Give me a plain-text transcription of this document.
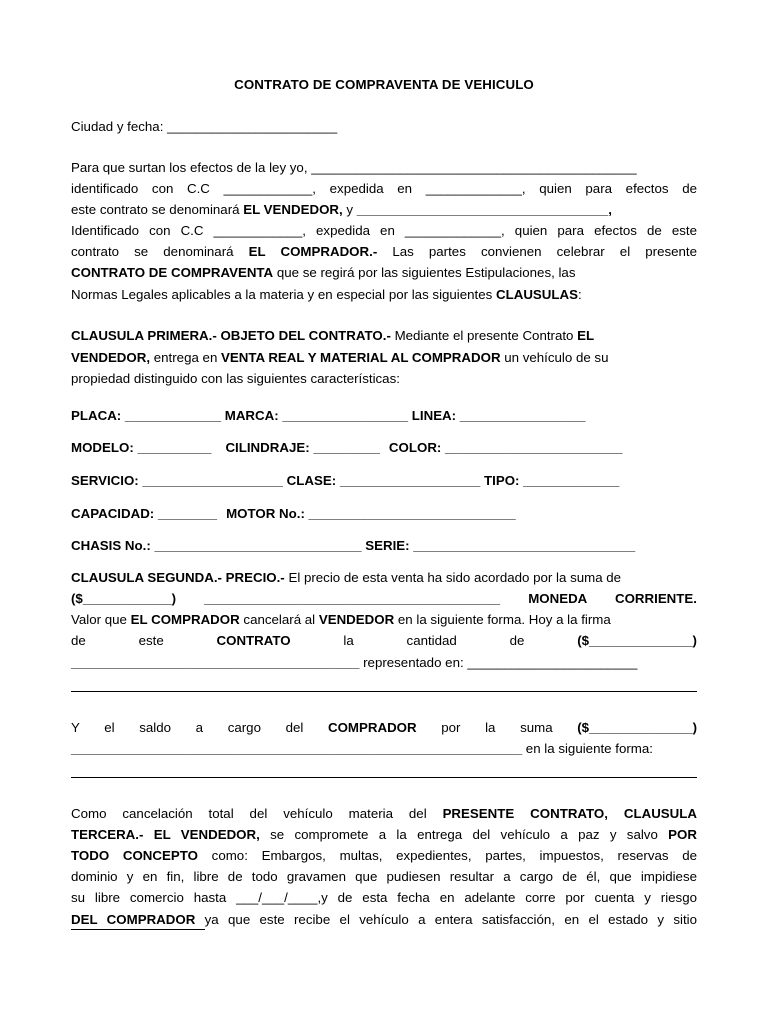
CONTRATO DE COMPRAVENTA DE VEHICULO
Ciudad y fecha: _______________________
Para que surtan los efectos de la ley yo, ____________________________________________
identificado con C.C ____________, expedida en _____________, quien para efectos de
este contrato se denominará EL VENDEDOR, y __________________________________,
Identificado con C.C ____________, expedida en _____________, quien para efectos de este
contrato se denominará EL COMPRADOR.- Las partes convienen celebrar el presente
CONTRATO DE COMPRAVENTA que se regirá por las siguientes Estipulaciones, las
Normas Legales aplicables a la materia y en especial por las siguientes CLAUSULAS:
CLAUSULA PRIMERA.- OBJETO DEL CONTRATO.- Mediante el presente Contrato EL
VENDEDOR, entrega en VENTA REAL Y MATERIAL AL COMPRADOR un vehículo de su
propiedad distinguido con las siguientes características:
PLACA: _____________ MARCA: _________________ LINEA: _________________
MODELO: __________ CILINDRAJE: _________ COLOR: ________________________
SERVICIO: ___________________ CLASE: ___________________ TIPO: _____________
CAPACIDAD: ________ MOTOR No.: ____________________________
CHASIS No.: ____________________________ SERIE: ______________________________
CLAUSULA SEGUNDA.- PRECIO.- El precio de esta venta ha sido acordado por la suma de
($____________) ________________________________________ MONEDA CORRIENTE.
Valor que EL COMPRADOR cancelará al VENDEDOR en la siguiente forma. Hoy a la firma
de	este	CONTRATO	la	cantidad	de	($______________)
_______________________________________ representado en: _______________________
Y el saldo a cargo del COMPRADOR por la suma ($______________)
_____________________________________________________________ en la siguiente forma:
Como cancelación total del vehículo materia del PRESENTE CONTRATO, CLAUSULA
TERCERA.- EL VENDEDOR, se compromete a la entrega del vehículo a paz y salvo POR
TODO CONCEPTO como: Embargos, multas, expedientes, partes, impuestos, reservas de
dominio y en fin, libre de todo gravamen que pudiesen resultar a cargo de él, que impidiese
su libre comercio hasta ___/___/____,y de esta fecha en adelante corre por cuenta y riesgo
DEL COMPRADOR ya que este recibe el vehículo a entera satisfacción, en el estado y sitio
